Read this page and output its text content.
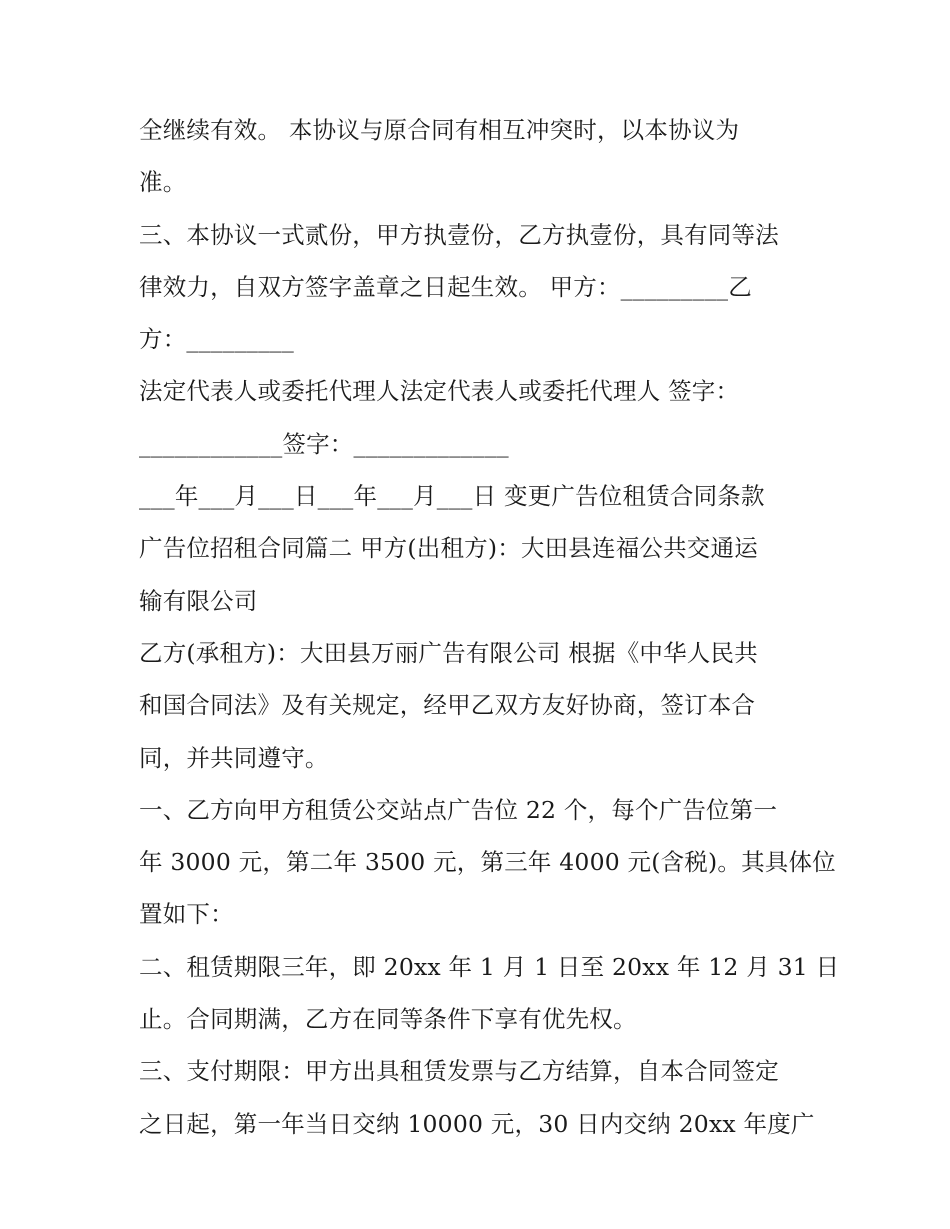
全继续有效。 本协议与原合同有相互冲突时，以本协议为
准。
三、本协议一式贰份，甲方执壹份，乙方执壹份，具有同等法
律效力，自双方签字盖章之日起生效。 甲方：_________乙
方：_________
法定代表人或委托代理人法定代表人或委托代理人 签字：
____________签字：_____________
___年___月___日___年___月___日 变更广告位租赁合同条款
广告位招租合同篇二 甲方(出租方)：大田县连福公共交通运
输有限公司
乙方(承租方)：大田县万丽广告有限公司 根据《中华人民共
和国合同法》及有关规定，经甲乙双方友好协商，签订本合
同，并共同遵守。
一、乙方向甲方租赁公交站点广告位 22 个，每个广告位第一
年 3000 元，第二年 3500 元，第三年 4000 元(含税)。其具体位
置如下：
二、租赁期限三年，即 20xx 年 1 月 1 日至 20xx 年 12 月 31 日
止。合同期满，乙方在同等条件下享有优先权。
三、支付期限：甲方出具租赁发票与乙方结算，自本合同签定
之日起，第一年当日交纳 10000 元，30 日内交纳 20xx 年度广
